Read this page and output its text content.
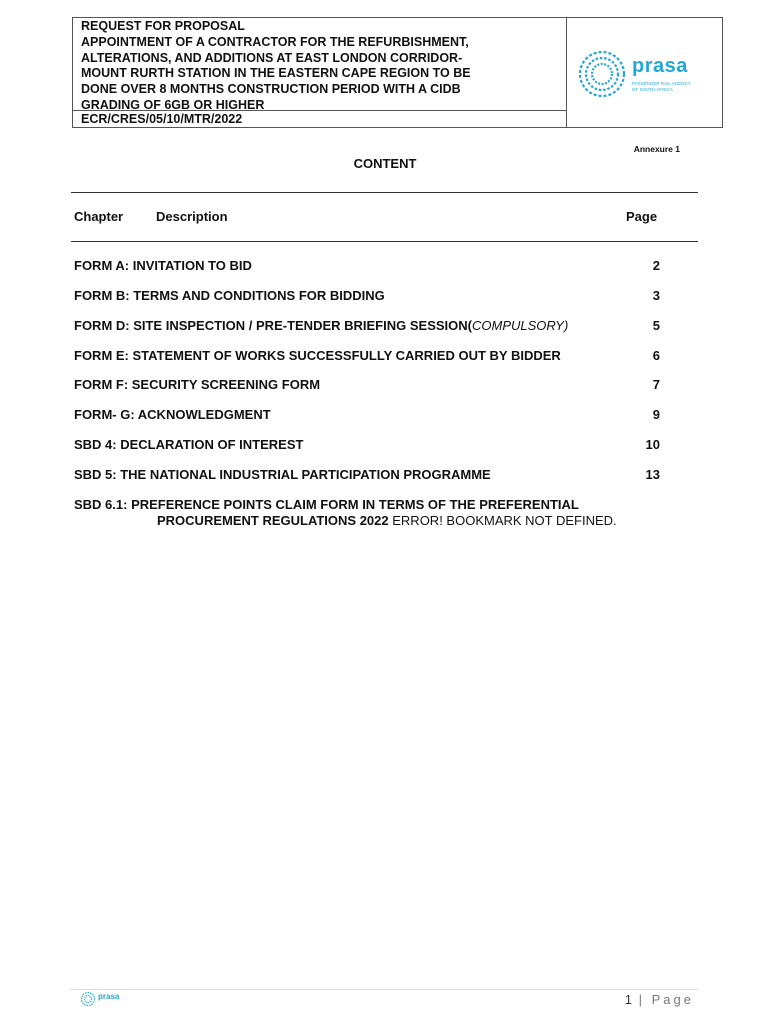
REQUEST FOR PROPOSAL
APPOINTMENT OF A CONTRACTOR FOR THE REFURBISHMENT,
ALTERATIONS, AND ADDITIONS AT EAST LONDON CORRIDOR-
MOUNT RURTH STATION IN THE EASTERN CAPE REGION TO BE
DONE OVER 8 MONTHS CONSTRUCTION PERIOD WITH A CIDB
GRADING OF 6GB OR HIGHER
ECR/CRES/05/10/MTR/2022
prasa
PASSENGER RAIL AGENCY
OF SOUTH AFRICA
Annexure 1
CONTENT
Chapter	Description	Page
FORM A: INVITATION TO BID	2
FORM B: TERMS AND CONDITIONS FOR BIDDING	3
FORM D: SITE INSPECTION / PRE-TENDER BRIEFING SESSION(COMPULSORY)	5
FORM E: STATEMENT OF WORKS SUCCESSFULLY CARRIED OUT BY BIDDER	6
FORM F: SECURITY SCREENING FORM	7
FORM- G: ACKNOWLEDGMENT	9
SBD 4: DECLARATION OF INTEREST	10
SBD 5: THE NATIONAL INDUSTRIAL PARTICIPATION PROGRAMME	13
SBD 6.1: PREFERENCE POINTS CLAIM FORM IN TERMS OF THE PREFERENTIAL
PROCUREMENT REGULATIONS 2022 ERROR! BOOKMARK NOT DEFINED.
prasa	1 | Page
